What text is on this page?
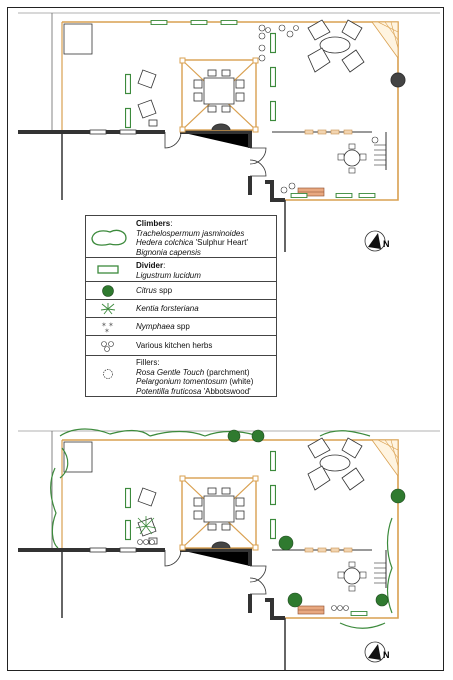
N
N
Climbers:
Trachelospermum jasminoides
Hedera colchica 'Sulphur Heart'
Bignonia capensis
Divider:
Ligustrum lucidum
Citrus spp
Kentia forsteriana
✶ ✶
✶	Nymphaea spp
Various kitchen herbs
Fillers:
Rosa Gentle Touch (parchment)
Pelargonium tomentosum (white)
Potentilla fruticosa 'Abbotswood'
